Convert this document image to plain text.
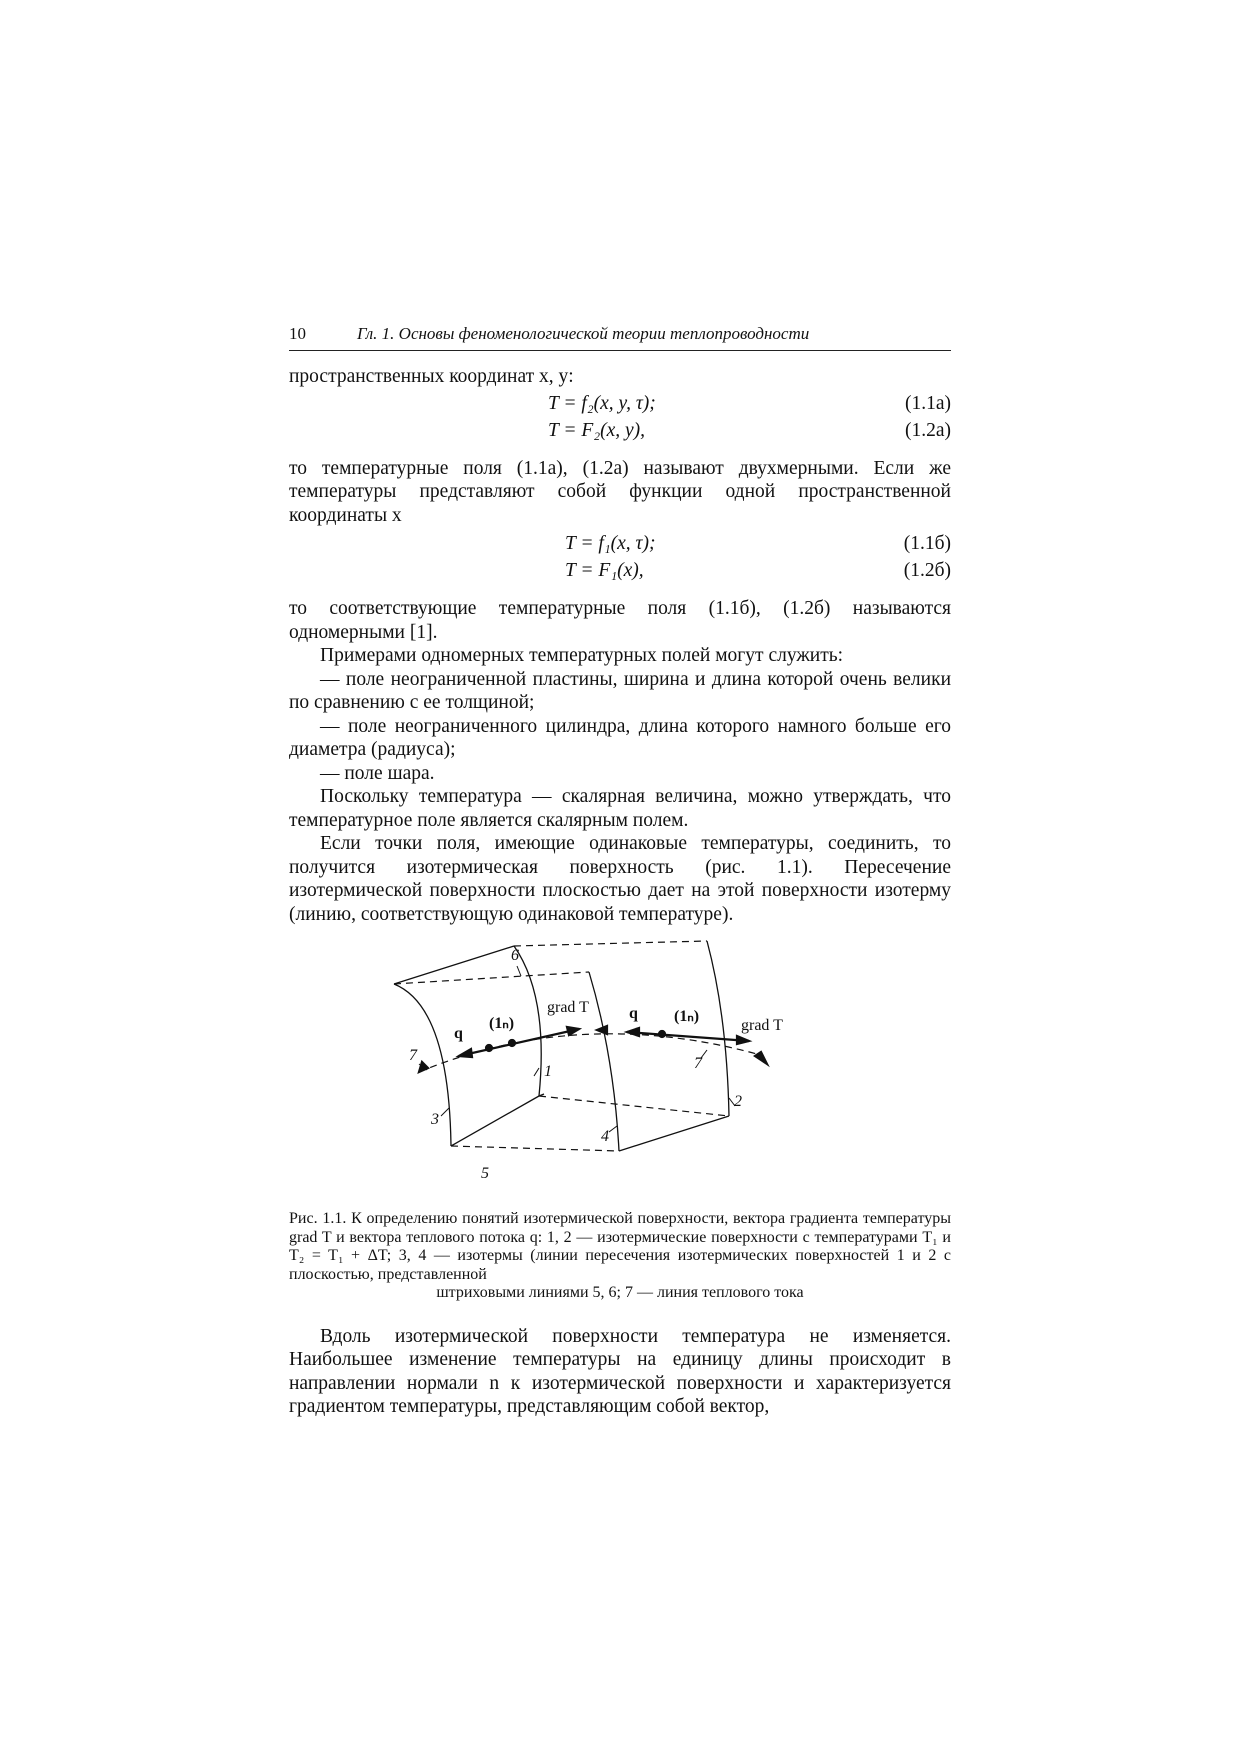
10	Гл. 1. Основы феноменологической теории теплопроводности

пространственных координат x, y:

T = f₂(x, y, τ);	(1.1а)
T = F₂(x, y),	(1.2а)

то температурные поля (1.1а), (1.2а) называют двухмерными. Если же температуры представляют собой функции одной пространственной координаты x

T = f₁(x, τ);	(1.1б)
T = F₁(x),	(1.2б)

то соответствующие температурные поля (1.1б), (1.2б) называются одномерными [1].

Примерами одномерных температурных полей могут служить:

— поле неограниченной пластины, ширина и длина которой очень велики по сравнению с ее толщиной;

— поле неограниченного цилиндра, длина которого намного больше его диаметра (радиуса);

— поле шара.

Поскольку температура — скалярная величина, можно утверждать, что температурное поле является скалярным полем.

Если точки поля, имеющие одинаковые температуры, соединить, то получится изотермическая поверхность (рис. 1.1). Пересечение изотермической поверхности плоскостью дает на этой поверхности изотерму (линию, соответствующую одинаковой температуре).

1
2
3
4
5
6
7	7
q
q
(1ₙ)	(1ₙ)
grad T
grad T

Рис. 1.1. К определению понятий изотермической поверхности, вектора градиента температуры grad T и вектора теплового потока q: 1, 2 — изотермические поверхности с температурами T₁ и T₂ = T₁ + ΔT; 3, 4 — изотермы (линии пересечения изотермических поверхностей 1 и 2 с плоскостью, представленной

штриховыми линиями 5, 6; 7 — линия теплового тока

Вдоль изотермической поверхности температура не изменяется. Наибольшее изменение температуры на единицу длины происходит в направлении нормали n к изотермической поверхности и характеризуется градиентом температуры, представляющим собой вектор,
